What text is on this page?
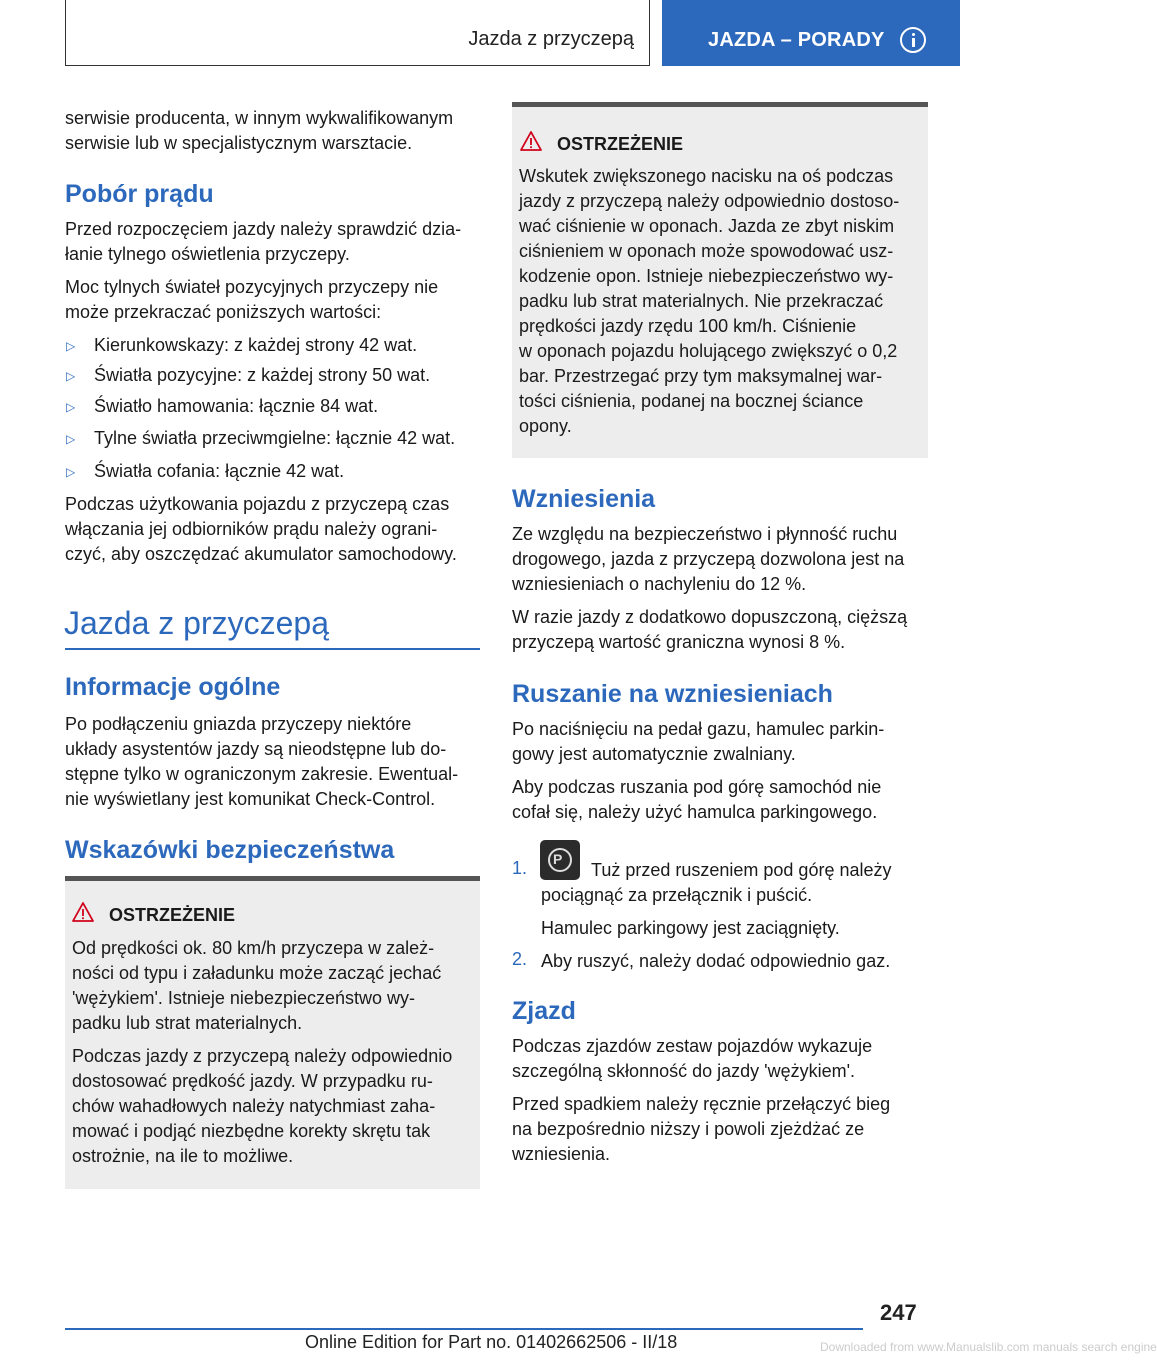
Jazda z przyczepą	JAZDA – PORADY
serwisie producenta, w innym wykwalifikowanym
serwisie lub w specjalistycznym warsztacie.
Pobór prądu
Przed rozpoczęciem jazdy należy sprawdzić dzia-
łanie tylnego oświetlenia przyczepy.
Moc tylnych świateł pozycyjnych przyczepy nie
może przekraczać poniższych wartości:
▷ Kierunkowskazy: z każdej strony 42 wat.
▷ Światła pozycyjne: z każdej strony 50 wat.
▷ Światło hamowania: łącznie 84 wat.
▷ Tylne światła przeciwmgielne: łącznie 42 wat.
▷ Światła cofania: łącznie 42 wat.
Podczas użytkowania pojazdu z przyczepą czas
włączania jej odbiorników prądu należy ograni-
czyć, aby oszczędzać akumulator samochodowy.
Jazda z przyczepą
Informacje ogólne
Po podłączeniu gniazda przyczepy niektóre
układy asystentów jazdy są nieodstępne lub do-
stępne tylko w ograniczonym zakresie. Ewentual-
nie wyświetlany jest komunikat Check-Control.
Wskazówki bezpieczeństwa
OSTRZEŻENIE
Od prędkości ok. 80 km/h przyczepa w zależ-
ności od typu i załadunku może zacząć jechać
'wężykiem'. Istnieje niebezpieczeństwo wy-
padku lub strat materialnych.
Podczas jazdy z przyczepą należy odpowiednio
dostosować prędkość jazdy. W przypadku ru-
chów wahadłowych należy natychmiast zaha-
mować i podjąć niezbędne korekty skrętu tak
ostrożnie, na ile to możliwe.
OSTRZEŻENIE
Wskutek zwiększonego nacisku na oś podczas
jazdy z przyczepą należy odpowiednio dostoso-
wać ciśnienie w oponach. Jazda ze zbyt niskim
ciśnieniem w oponach może spowodować usz-
kodzenie opon. Istnieje niebezpieczeństwo wy-
padku lub strat materialnych. Nie przekraczać
prędkości jazdy rzędu 100 km/h. Ciśnienie
w oponach pojazdu holującego zwiększyć o 0,2
bar. Przestrzegać przy tym maksymalnej war-
tości ciśnienia, podanej na bocznej ściance
opony.
Wzniesienia
Ze względu na bezpieczeństwo i płynność ruchu
drogowego, jazda z przyczepą dozwolona jest na
wzniesieniach o nachyleniu do 12 %.
W razie jazdy z dodatkowo dopuszczoną, cięższą
przyczepą wartość graniczna wynosi 8 %.
Ruszanie na wzniesieniach
Po naciśnięciu na pedał gazu, hamulec parkin-
gowy jest automatycznie zwalniany.
Aby podczas ruszania pod górę samochód nie
cofał się, należy użyć hamulca parkingowego.
1. P
Tuż przed ruszeniem pod górę należy
pociągnąć za przełącznik i puścić.
Hamulec parkingowy jest zaciągnięty.
2. Aby ruszyć, należy dodać odpowiednio gaz.
Zjazd
Podczas zjazdów zestaw pojazdów wykazuje
szczególną skłonność do jazdy 'wężykiem'.
Przed spadkiem należy ręcznie przełączyć bieg
na bezpośrednio niższy i powoli zjeżdżać ze
wzniesienia.
247
Online Edition for Part no. 01402662506 - II/18	Downloaded from www.Manualslib.com manuals search engine
